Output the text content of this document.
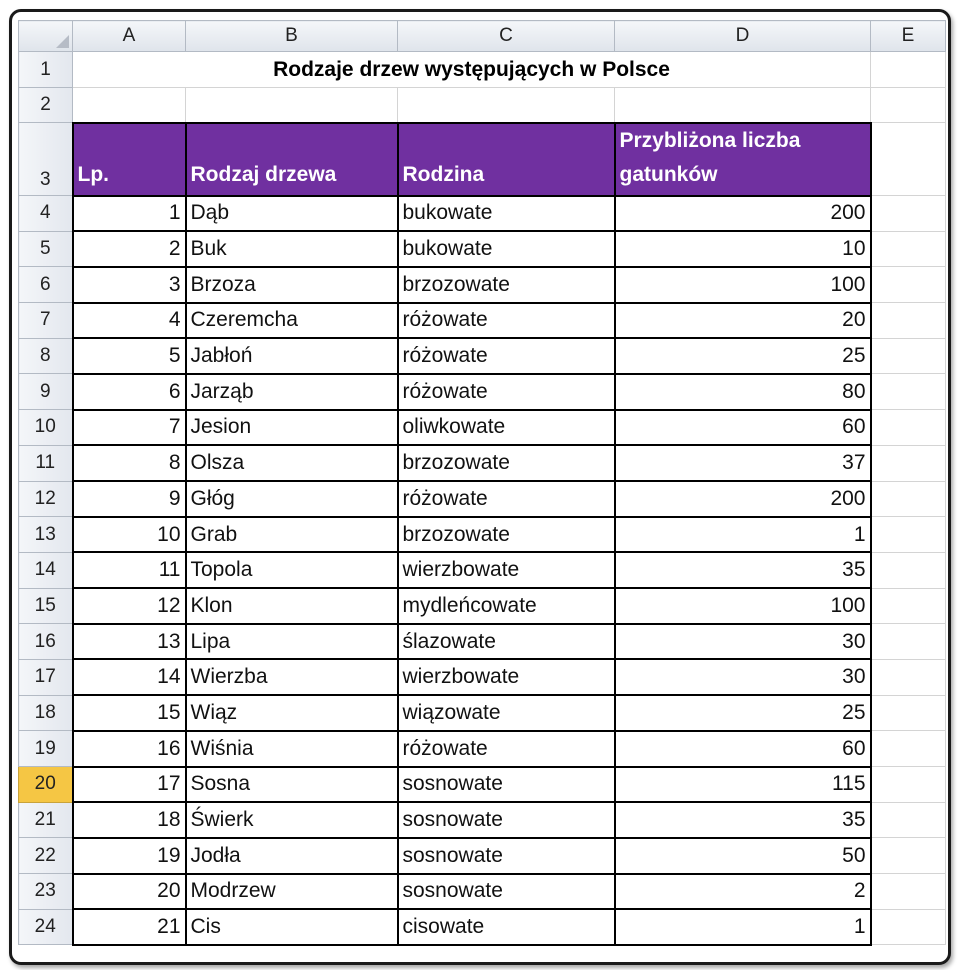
	A	B	C	D	E
1	Rodzaje drzew występujących w Polsce				
2					
3	Lp.	Rodzaj drzewa	Rodzina	Przybliżona liczba gatunków	
4	1	Dąb	bukowate	200	
5	2	Buk	bukowate	10	
6	3	Brzoza	brzozowate	100	
7	4	Czeremcha	różowate	20	
8	5	Jabłoń	różowate	25	
9	6	Jarząb	różowate	80	
10	7	Jesion	oliwkowate	60	
11	8	Olsza	brzozowate	37	
12	9	Głóg	różowate	200	
13	10	Grab	brzozowate	1	
14	11	Topola	wierzbowate	35	
15	12	Klon	mydleńcowate	100	
16	13	Lipa	ślazowate	30	
17	14	Wierzba	wierzbowate	30	
18	15	Wiąz	wiązowate	25	
19	16	Wiśnia	różowate	60	
20	17	Sosna	sosnowate	115	
21	18	Świerk	sosnowate	35	
22	19	Jodła	sosnowate	50	
23	20	Modrzew	sosnowate	2	
24	21	Cis	cisowate	1	
